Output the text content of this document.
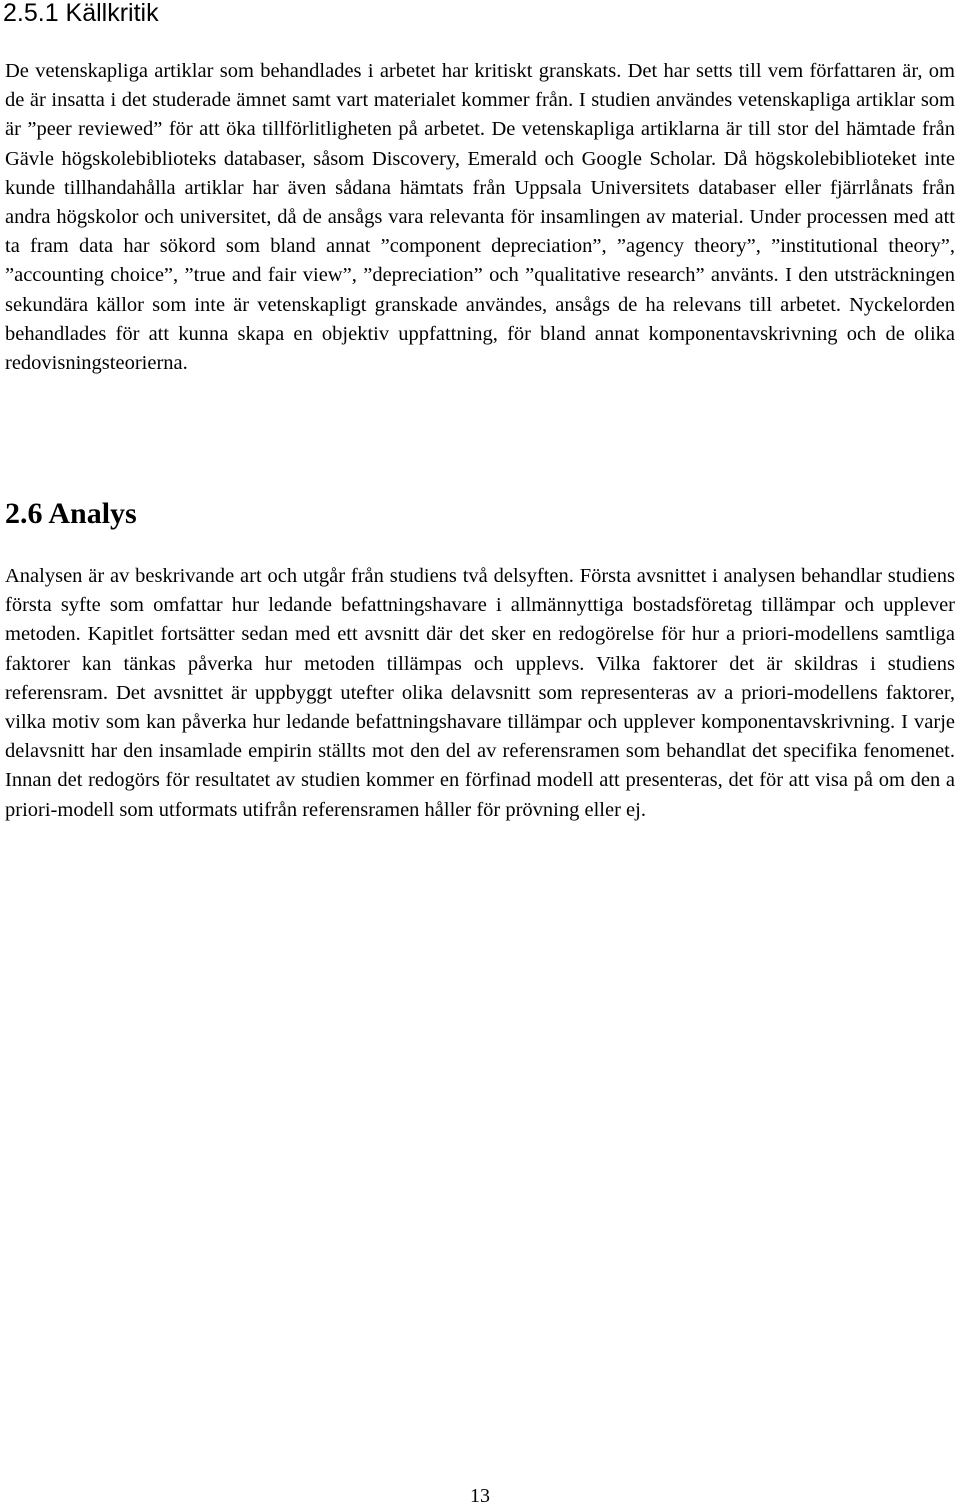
2.5.1 Källkritik

De vetenskapliga artiklar som behandlades i arbetet har kritiskt granskats. Det har setts till vem författaren är, om de är insatta i det studerade ämnet samt vart materialet kommer från. I studien användes vetenskapliga artiklar som är ”peer reviewed” för att öka tillförlitligheten på arbetet. De vetenskapliga artiklarna är till stor del hämtade från Gävle högskolebiblioteks databaser, såsom Discovery, Emerald och Google Scholar. Då högskolebiblioteket inte kunde tillhandahålla artiklar har även sådana hämtats från Uppsala Universitets databaser eller fjärrlånats från andra högskolor och universitet, då de ansågs vara relevanta för insamlingen av material. Under processen med att ta fram data har sökord som bland annat ”component depreciation”, ”agency theory”, ”institutional theory”, ”accounting choice”, ”true and fair view”, ”depreciation” och ”qualitative research” använts. I den utsträckningen sekundära källor som inte är vetenskapligt granskade användes, ansågs de ha relevans till arbetet. Nyckelorden behandlades för att kunna skapa en objektiv uppfattning, för bland annat komponentavskrivning och de olika redovisningsteorierna.

2.6 Analys

Analysen är av beskrivande art och utgår från studiens två delsyften. Första avsnittet i analysen behandlar studiens första syfte som omfattar hur ledande befattningshavare i allmännyttiga bostadsföretag tillämpar och upplever metoden. Kapitlet fortsätter sedan med ett avsnitt där det sker en redogörelse för hur a priori-modellens samtliga faktorer kan tänkas påverka hur metoden tillämpas och upplevs. Vilka faktorer det är skildras i studiens referensram. Det avsnittet är uppbyggt utefter olika delavsnitt som representeras av a priori-modellens faktorer, vilka motiv som kan påverka hur ledande befattningshavare tillämpar och upplever komponentavskrivning. I varje delavsnitt har den insamlade empirin ställts mot den del av referensramen som behandlat det specifika fenomenet. Innan det redogörs för resultatet av studien kommer en förfinad modell att presenteras, det för att visa på om den a priori-modell som utformats utifrån referensramen håller för prövning eller ej.

13
